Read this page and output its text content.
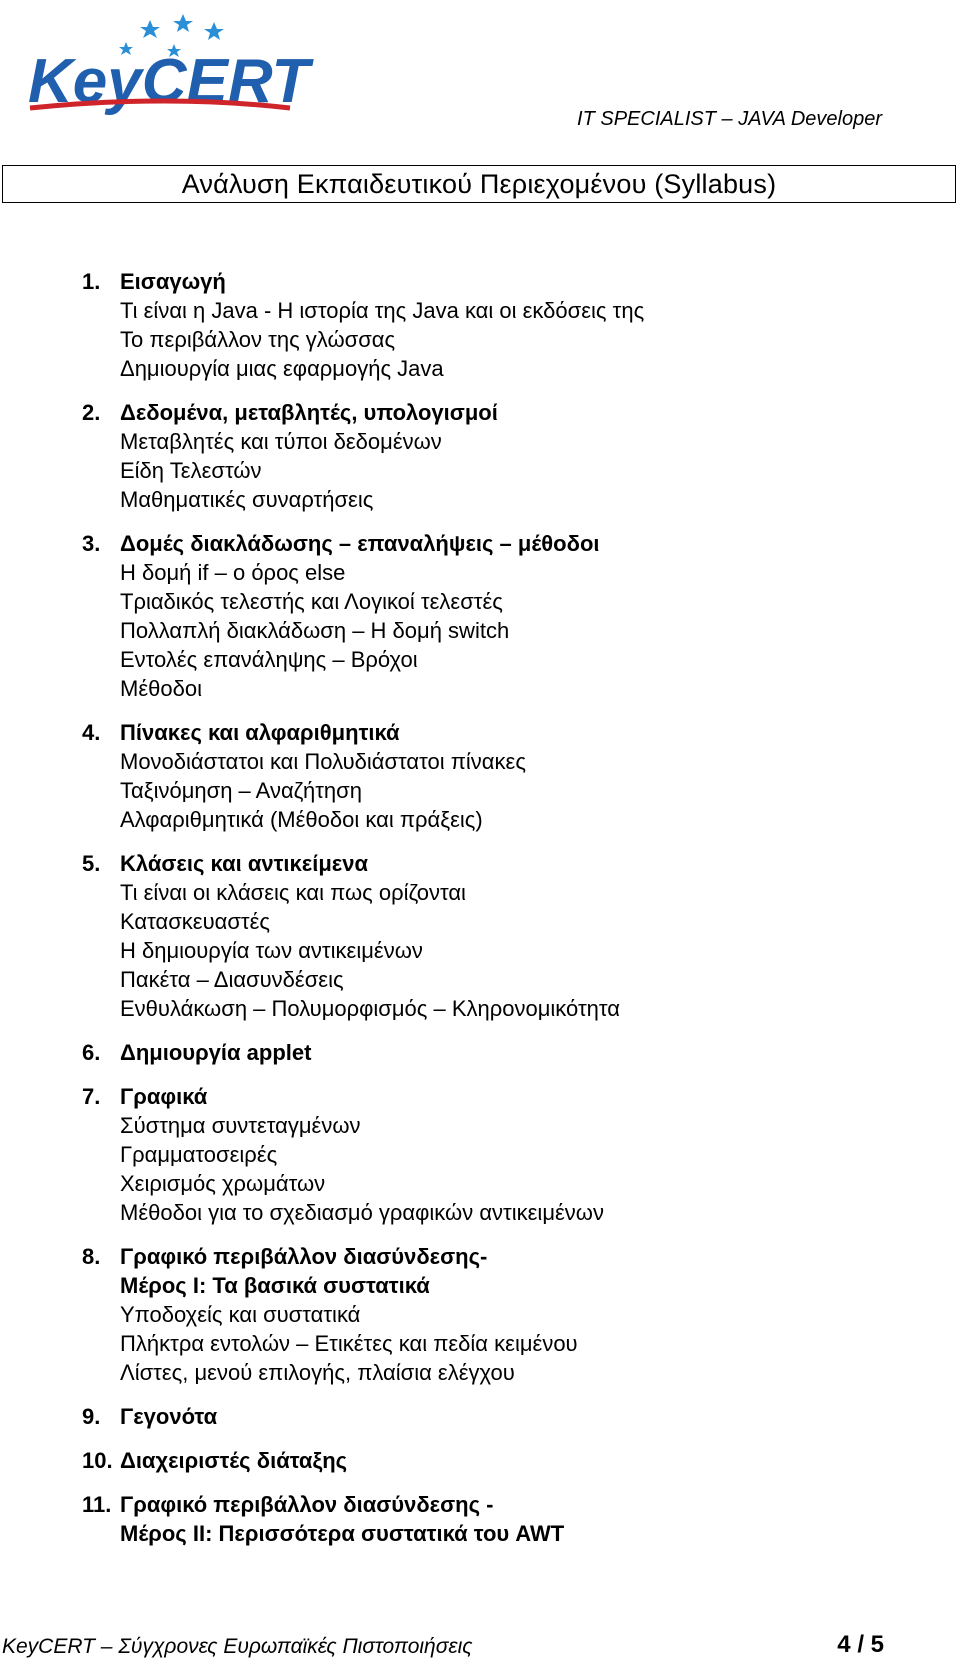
KeyCERT
IT SPECIALIST – JAVA Developer
Ανάλυση Εκπαιδευτικού Περιεχομένου (Syllabus)
1. Εισαγωγή
Τι είναι η Java - Η ιστορία της Java και οι εκδόσεις της
Το περιβάλλον της γλώσσας
Δημιουργία μιας εφαρμογής Java
2. Δεδομένα, μεταβλητές, υπολογισμοί
Μεταβλητές και τύποι δεδομένων
Είδη Τελεστών
Μαθηματικές συναρτήσεις
3. Δομές διακλάδωσης – επαναλήψεις – μέθοδοι
Η δομή if – ο όρος else
Τριαδικός τελεστής και Λογικοί τελεστές
Πολλαπλή διακλάδωση – Η δομή switch
Εντολές επανάληψης – Βρόχοι
Μέθοδοι
4. Πίνακες και αλφαριθμητικά
Μονοδιάστατοι και Πολυδιάστατοι πίνακες
Ταξινόμηση – Αναζήτηση
Αλφαριθμητικά (Μέθοδοι και πράξεις)
5. Κλάσεις και αντικείμενα
Τι είναι οι κλάσεις και πως ορίζονται
Κατασκευαστές
Η δημιουργία των αντικειμένων
Πακέτα – Διασυνδέσεις
Ενθυλάκωση – Πολυμορφισμός – Κληρονομικότητα
6. Δημιουργία applet
7. Γραφικά
Σύστημα συντεταγμένων
Γραμματοσειρές
Χειρισμός χρωμάτων
Μέθοδοι για το σχεδιασμό γραφικών αντικειμένων
8. Γραφικό περιβάλλον διασύνδεσης-
Μέρος Ι: Τα βασικά συστατικά
Υποδοχείς και συστατικά
Πλήκτρα εντολών – Ετικέτες και πεδία κειμένου
Λίστες, μενού επιλογής, πλαίσια ελέγχου
9. Γεγονότα
10. Διαχειριστές διάταξης
11. Γραφικό περιβάλλον διασύνδεσης -
Μέρος ΙΙ: Περισσότερα συστατικά του AWT
KeyCERT – Σύγχρονες Ευρωπαϊκές Πιστοποιήσεις	4 / 5
